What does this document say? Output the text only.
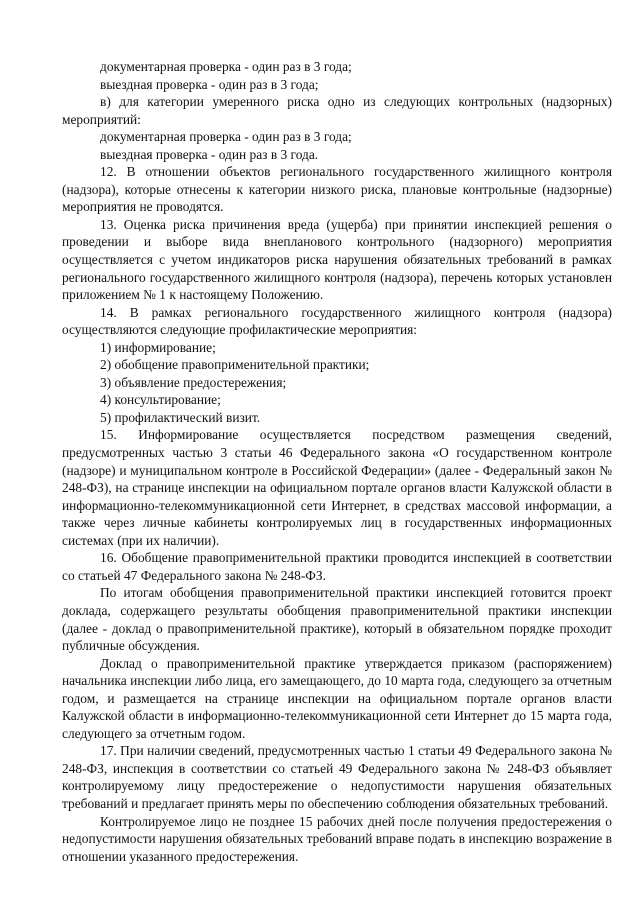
документарная проверка - один раз в 3 года;

выездная проверка - один раз в 3 года;

в) для категории умеренного риска одно из следующих контрольных (надзорных) мероприятий:

документарная проверка - один раз в 3 года;

выездная проверка - один раз в 3 года.

12. В отношении объектов регионального государственного жилищного контроля (надзора), которые отнесены к категории низкого риска, плановые контрольные (надзорные) мероприятия не проводятся.

13. Оценка риска причинения вреда (ущерба) при принятии инспекцией решения о проведении и выборе вида внепланового контрольного (надзорного) мероприятия осуществляется с учетом индикаторов риска нарушения обязательных требований в рамках регионального государственного жилищного контроля (надзора), перечень которых установлен приложением № 1 к настоящему Положению.

14. В рамках регионального государственного жилищного контроля (надзора) осуществляются следующие профилактические мероприятия:

1) информирование;

2) обобщение правоприменительной практики;

3) объявление предостережения;

4) консультирование;

5) профилактический визит.

15. Информирование осуществляется посредством размещения сведений, предусмотренных частью 3 статьи 46 Федерального закона «О государственном контроле (надзоре) и муниципальном контроле в Российской Федерации» (далее - Федеральный закон № 248-ФЗ), на странице инспекции на официальном портале органов власти Калужской области в информационно-телекоммуникационной сети Интернет, в средствах массовой информации, а также через личные кабинеты контролируемых лиц в государственных информационных системах (при их наличии).

16. Обобщение правоприменительной практики проводится инспекцией в соответствии со статьей 47 Федерального закона № 248-ФЗ.

По итогам обобщения правоприменительной практики инспекцией готовится проект доклада, содержащего результаты обобщения правоприменительной практики инспекции (далее - доклад о правоприменительной практике), который в обязательном порядке проходит публичные обсуждения.

Доклад о правоприменительной практике утверждается приказом (распоряжением) начальника инспекции либо лица, его замещающего, до 10 марта года, следующего за отчетным годом, и размещается на странице инспекции на официальном портале органов власти Калужской области в информационно-телекоммуникационной сети Интернет до 15 марта года, следующего за отчетным годом.

17. При наличии сведений, предусмотренных частью 1 статьи 49 Федерального закона № 248-ФЗ, инспекция в соответствии со статьей 49 Федерального закона № 248-ФЗ объявляет контролируемому лицу предостережение о недопустимости нарушения обязательных требований и предлагает принять меры по обеспечению соблюдения обязательных требований.

Контролируемое лицо не позднее 15 рабочих дней после получения предостережения о недопустимости нарушения обязательных требований вправе подать в инспекцию возражение в отношении указанного предостережения.
